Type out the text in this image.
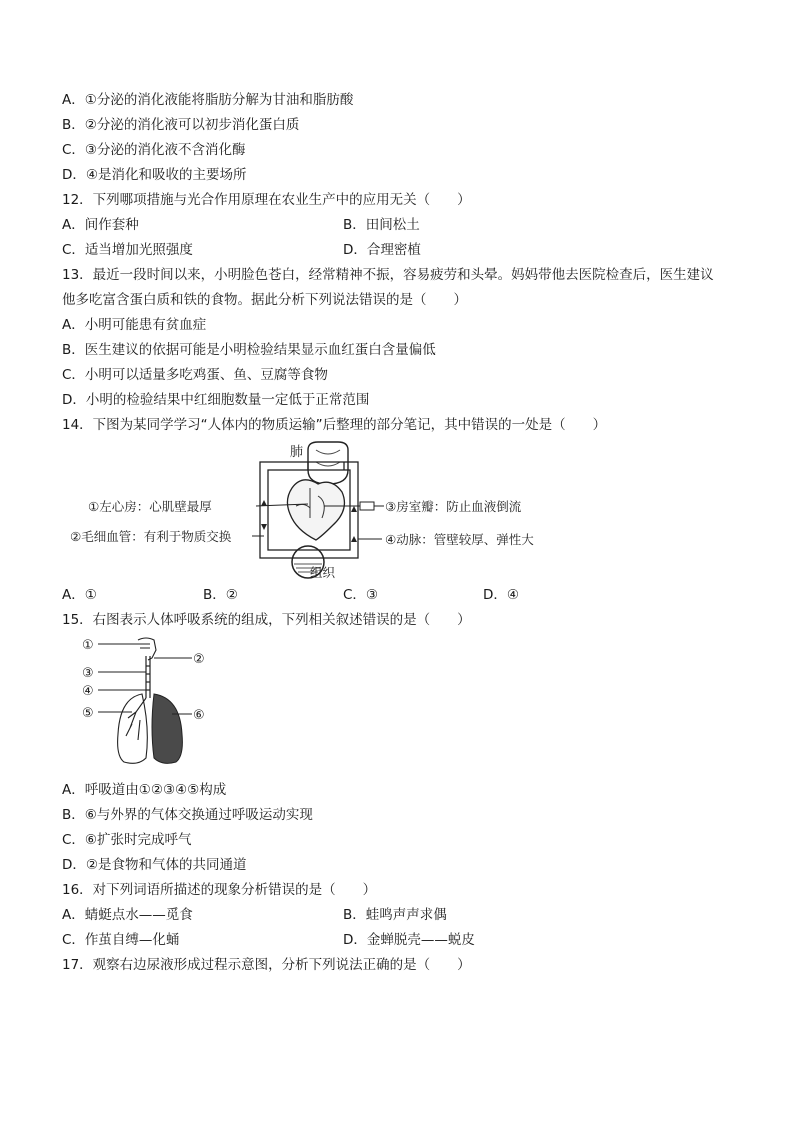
A．①分泌的消化液能将脂肪分解为甘油和脂肪酸
B．②分泌的消化液可以初步消化蛋白质
C．③分泌的消化液不含消化酶
D．④是消化和吸收的主要场所
12．下列哪项措施与光合作用原理在农业生产中的应用无关（　　）
A．间作套种	B．田间松土
C．适当增加光照强度	D．合理密植
13．最近一段时间以来，小明脸色苍白，经常精神不振，容易疲劳和头晕。妈妈带他去医院检查后，医生建议
他多吃富含蛋白质和铁的食物。据此分析下列说法错误的是（　　）
A．小明可能患有贫血症
B．医生建议的依据可能是小明检验结果显示血红蛋白含量偏低
C．小明可以适量多吃鸡蛋、鱼、豆腐等食物
D．小明的检验结果中红细胞数量一定低于正常范围
14．下图为某同学学习“人体内的物质运输”后整理的部分笔记，其中错误的一处是（　　）
肺
组织
①左心房：心肌壁最厚
②毛细血管：有利于物质交换
③房室瓣：防止血液倒流
④动脉：管壁较厚、弹性大
A．①	B．②	C．③	D．④
15．右图表示人体呼吸系统的组成，下列相关叙述错误的是（　　）
①
②
③
④
⑤	⑥
A．呼吸道由①②③④⑤构成
B．⑥与外界的气体交换通过呼吸运动实现
C．⑥扩张时完成呼气
D．②是食物和气体的共同通道
16．对下列词语所描述的现象分析错误的是（　　）
A．蜻蜓点水——觅食	B．蛙鸣声声求偶
C．作茧自缚—化蛹	D．金蝉脱壳——蜕皮
17．观察右边尿液形成过程示意图，分析下列说法正确的是（　　）
